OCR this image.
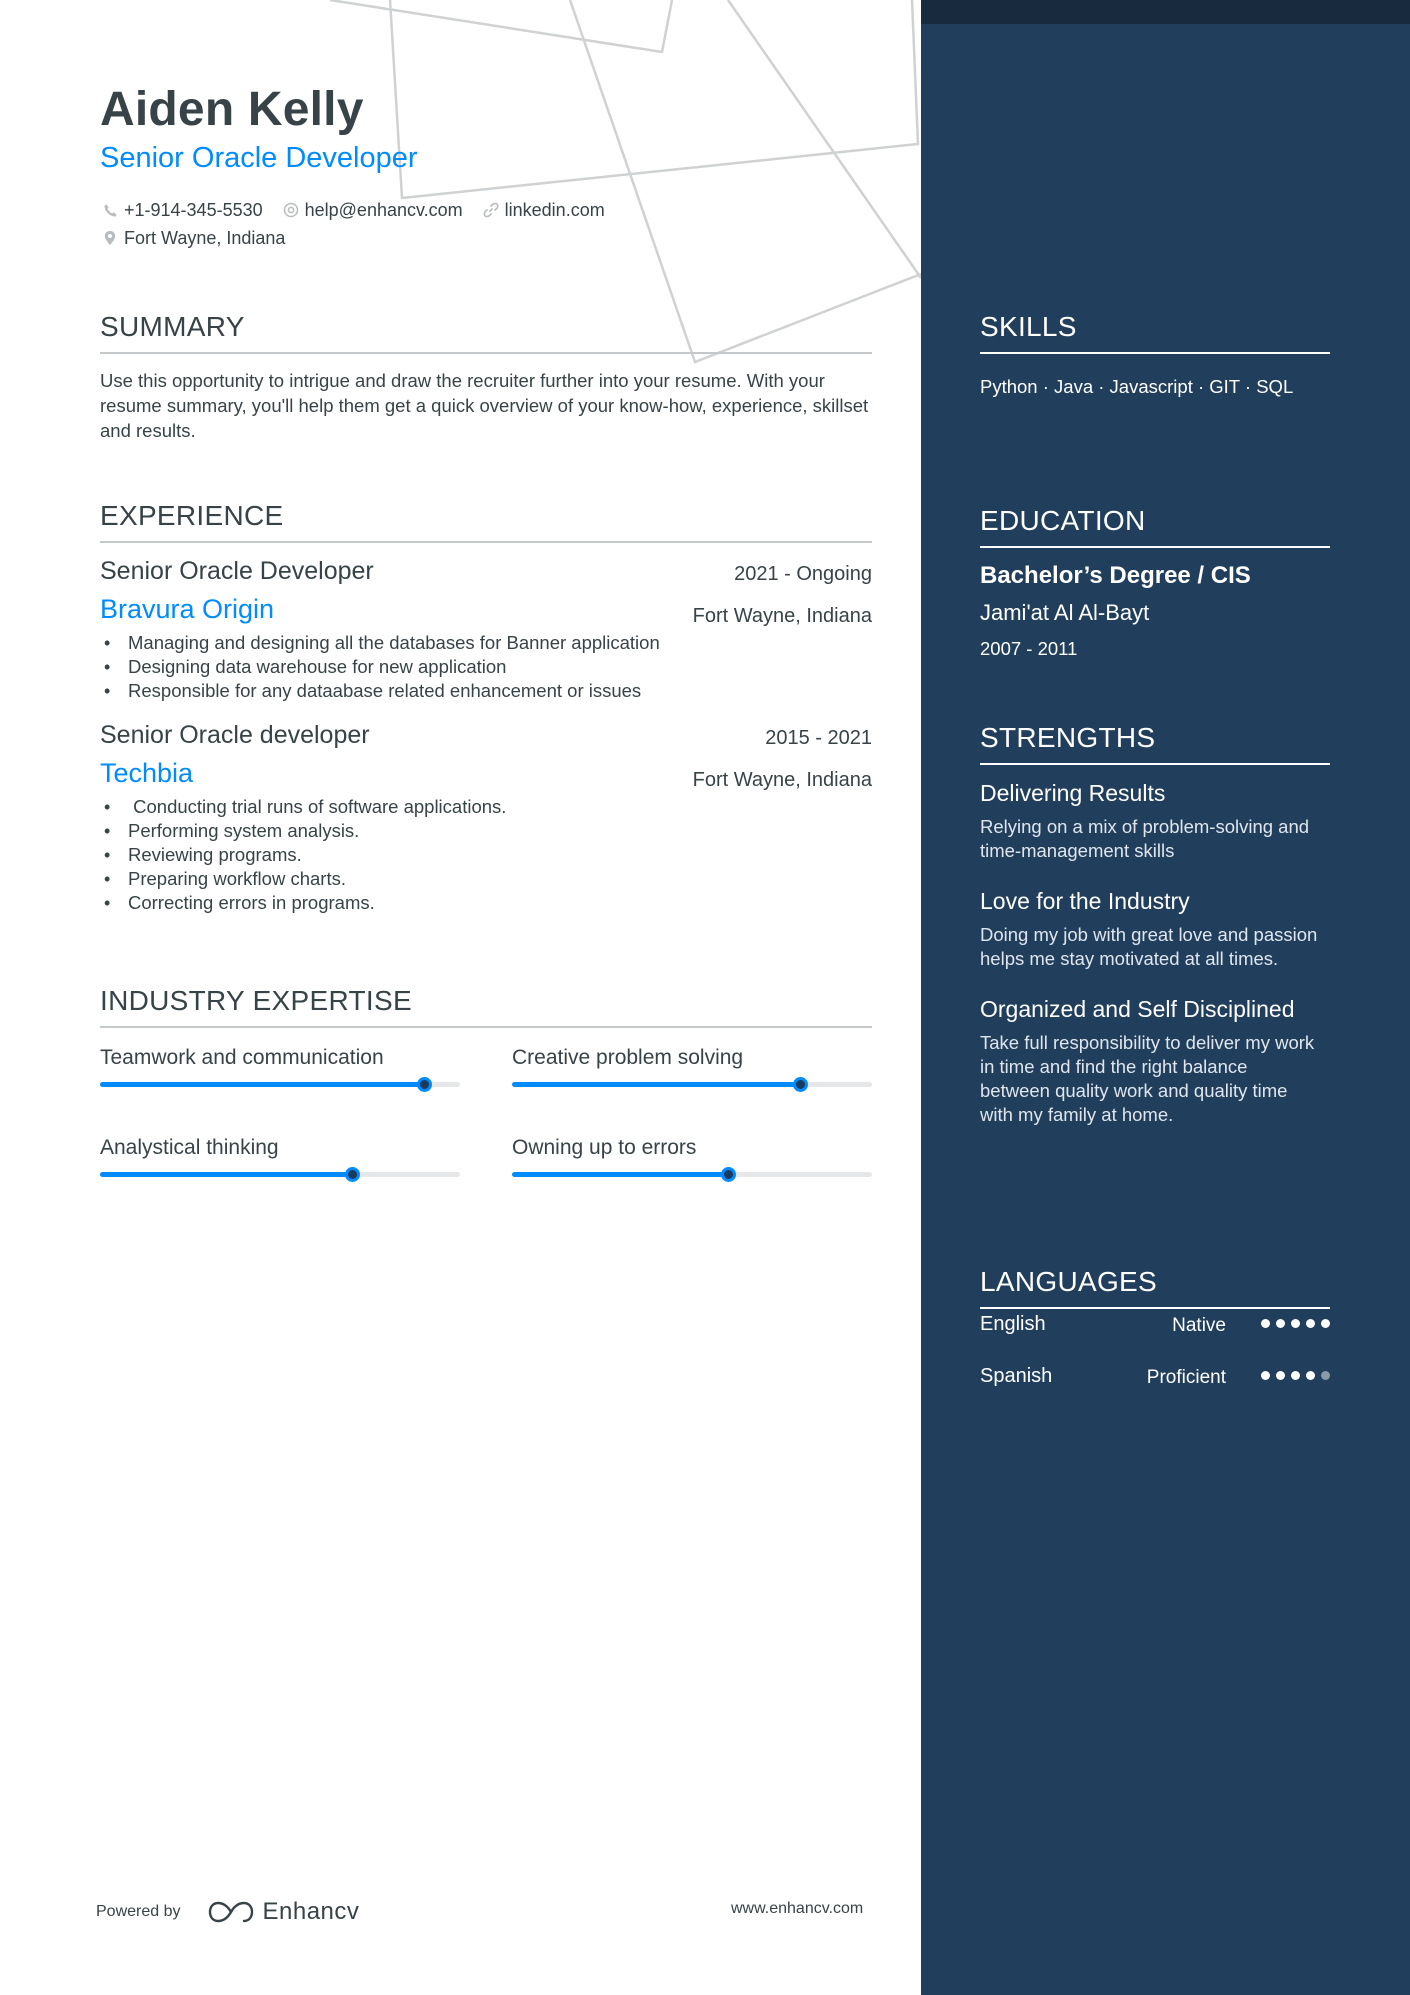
Aiden Kelly
Senior Oracle Developer
+1-914-345-5530 help@enhancv.com linkedin.com
Fort Wayne, Indiana
SUMMARY

Use this opportunity to intrigue and draw the recruiter further into your resume. With your resume summary, you'll help them get a quick overview of your know-how, experience, skillset and results.

EXPERIENCE
Senior Oracle Developer	2021 - Ongoing
Bravura Origin	Fort Wayne, Indiana
• Managing and designing all the databases for Banner application
• Designing data warehouse for new application
• Responsible for any dataabase related enhancement or issues
Senior Oracle developer	2015 - 2021
Techbia	Fort Wayne, Indiana
•  Conducting trial runs of software applications.
• Performing system analysis.
• Reviewing programs.
• Preparing workflow charts.
• Correcting errors in programs.
INDUSTRY EXPERTISE
Teamwork and communication	Creative problem solving
Analystical thinking	Owning up to errors
Powered by	Enhancv	www.enhancv.com
SKILLS

Python · Java · Javascript · GIT · SQL

EDUCATION
Bachelor’s Degree / CIS
Jami'at Al Al-Bayt
2007 - 2011
STRENGTHS
Delivering Results
Relying on a mix of problem-solving and time-management skills
Love for the Industry
Doing my job with great love and passion helps me stay motivated at all times.
Organized and Self Disciplined
Take full responsibility to deliver my work in time and find the right balance between quality work and quality time with my family at home.
LANGUAGES
English	Native
Spanish	Proficient
